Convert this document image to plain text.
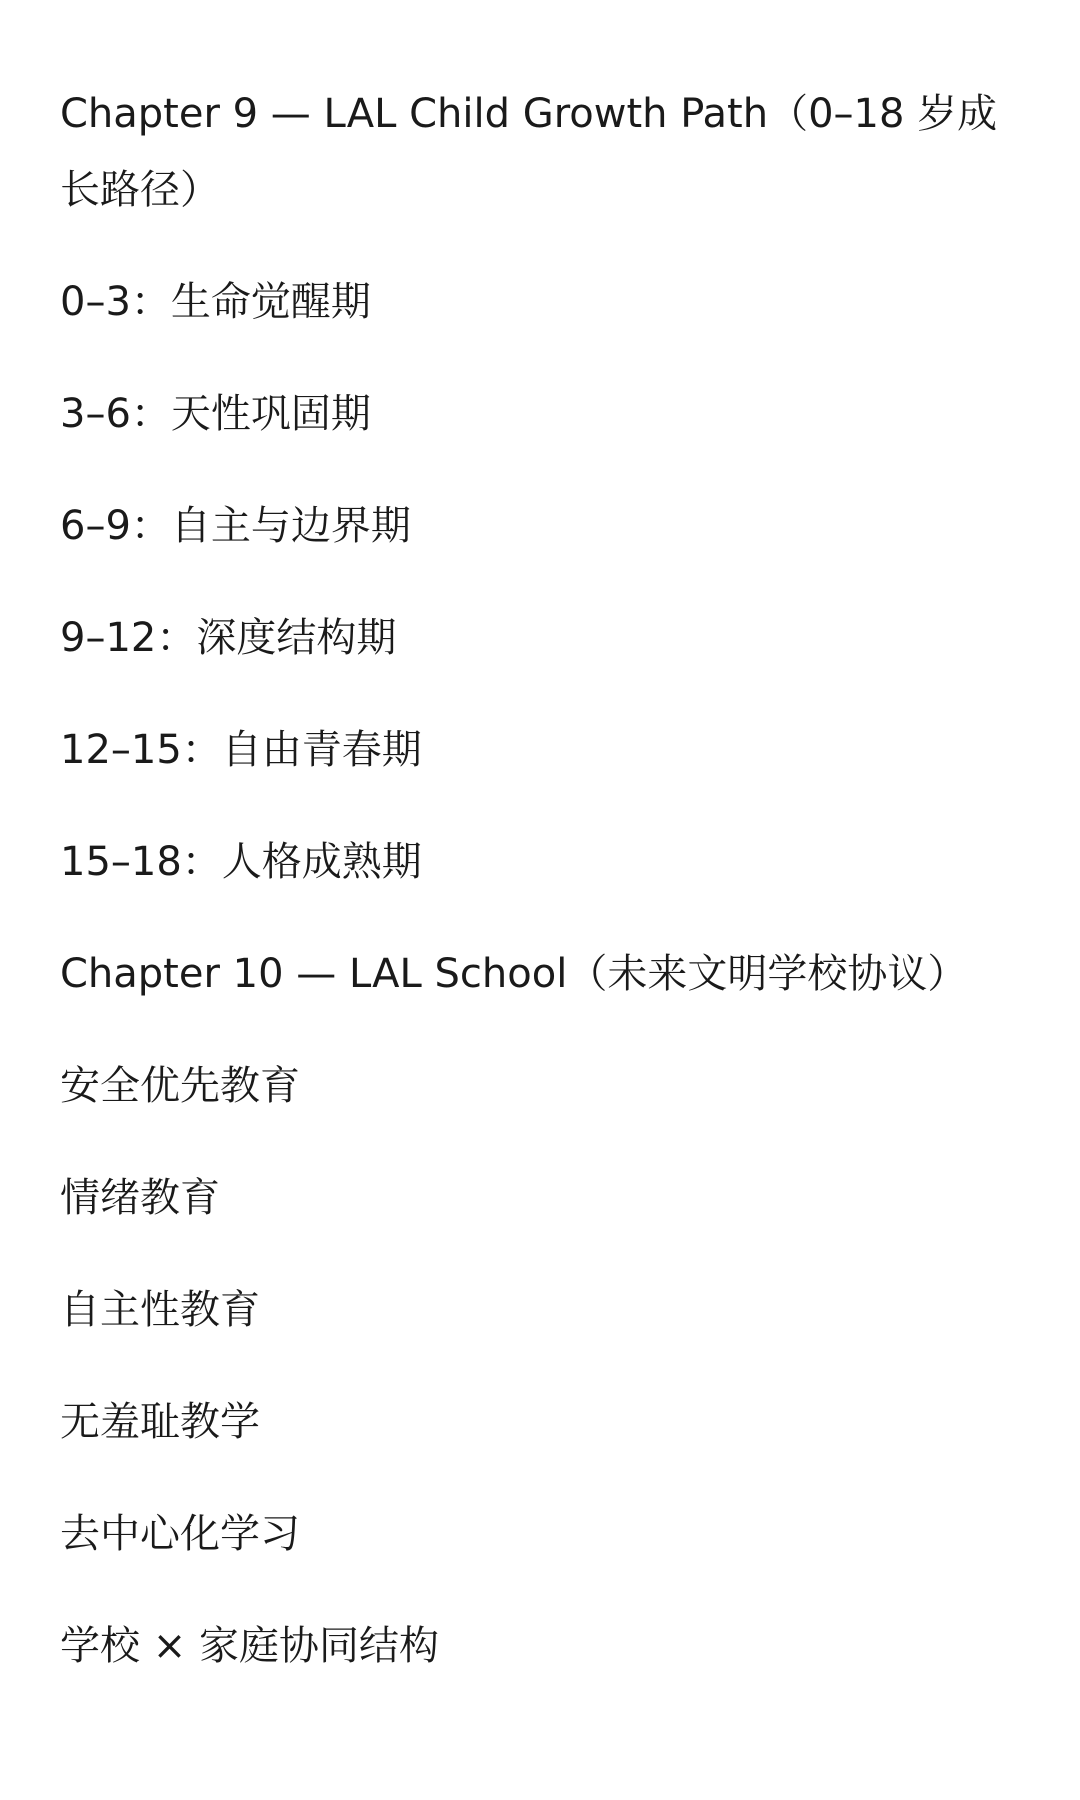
Chapter 9 — LAL Child Growth Path（0–18 岁成长路径）

0–3：生命觉醒期

3–6：天性巩固期

6–9：自主与边界期

9–12：深度结构期

12–15：自由青春期

15–18：人格成熟期

Chapter 10 — LAL School（未来文明学校协议）

安全优先教育

情绪教育

自主性教育

无羞耻教学

去中心化学习

学校 × 家庭协同结构
